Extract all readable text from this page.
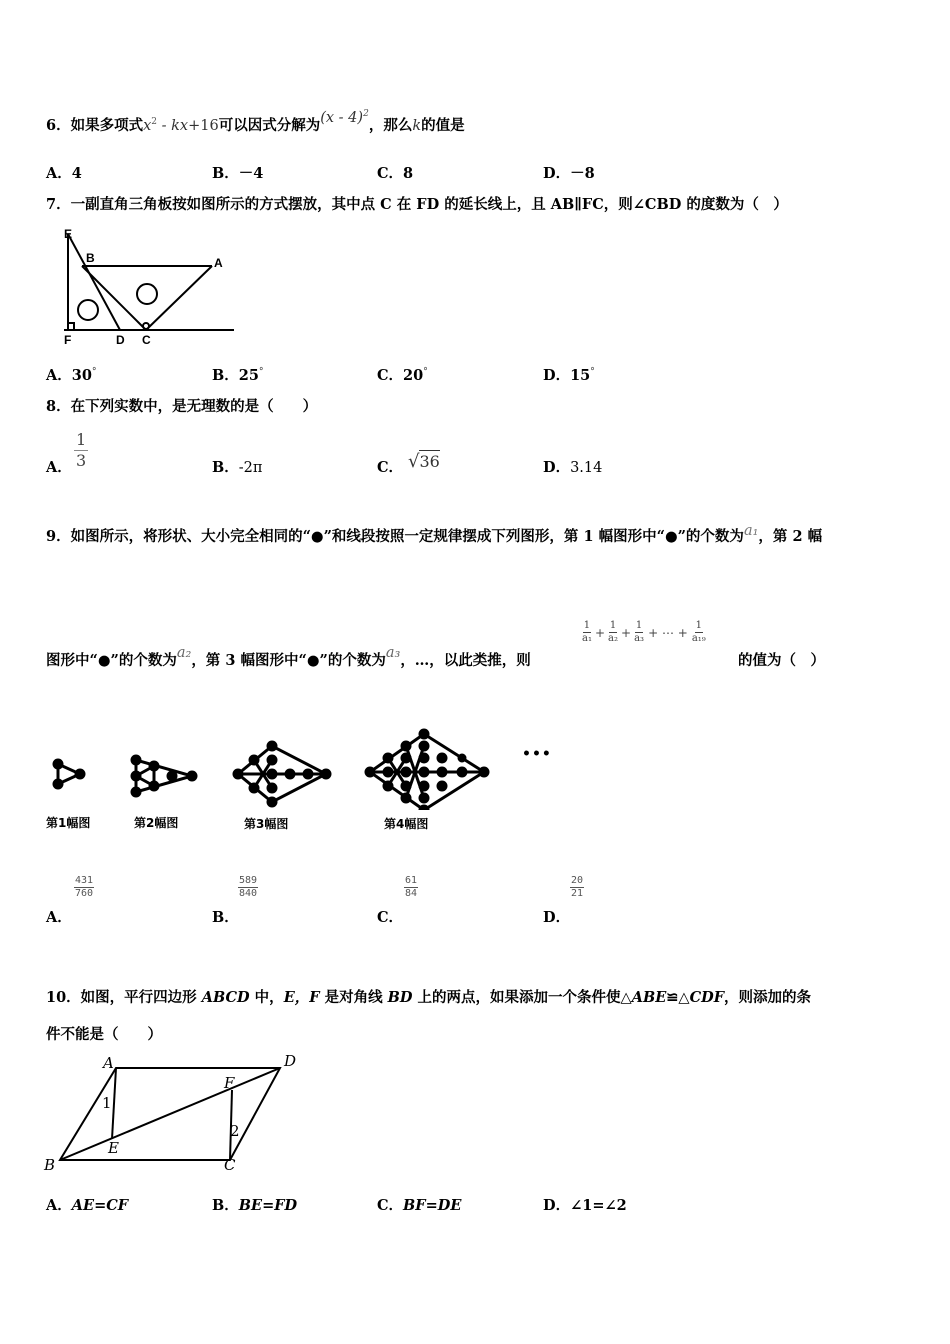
6．如果多项式$x^2 - kx+16$可以因式分解为(x - 4)$^2$，那么k的值是
A．4	B．－4	C．8	D．－8
7．一副直角三角板按如图所示的方式摆放，其中点 C 在 FD 的延长线上，且 AB∥FC，则∠CBD 的度数为（　）
E
B	A
F	D C
A．30°	B．25°	C．20°	D．15°
8．在下列实数中，是无理数的是（　　）
A．
1
3	B．-2π	C． √36	D．3.14
9．如图所示，将形状、大小完全相同的“●”和线段按照一定规律摆成下列图形，第 1 幅图形中“●”的个数为a₁，第 2 幅
图形中“●”的个数为a₂，第 3 幅图形中“●”的个数为a₃，…，以此类推，则	的值为（　）
$\frac{1}{\text{a₁}} + \frac{1}{\text{a₂}} + \frac{1}{\text{a₃}}$ + ⋯ + $\frac{1}{\text{a₁₉}}$
•••
第1幅图	第2幅图	第3幅图	第4幅图
A．
431
760
B．
589
840
C．
61
84
D．
20
21
10．如图，平行四边形 ABCD 中，E，F 是对角线 BD 上的两点，如果添加一个条件使△ABE≌△CDF，则添加的条
件不能是（　　）
A	D
F
1
2
E
B	C
A．AE=CF	B．BE=FD	C．BF=DE	D．∠1=∠2
